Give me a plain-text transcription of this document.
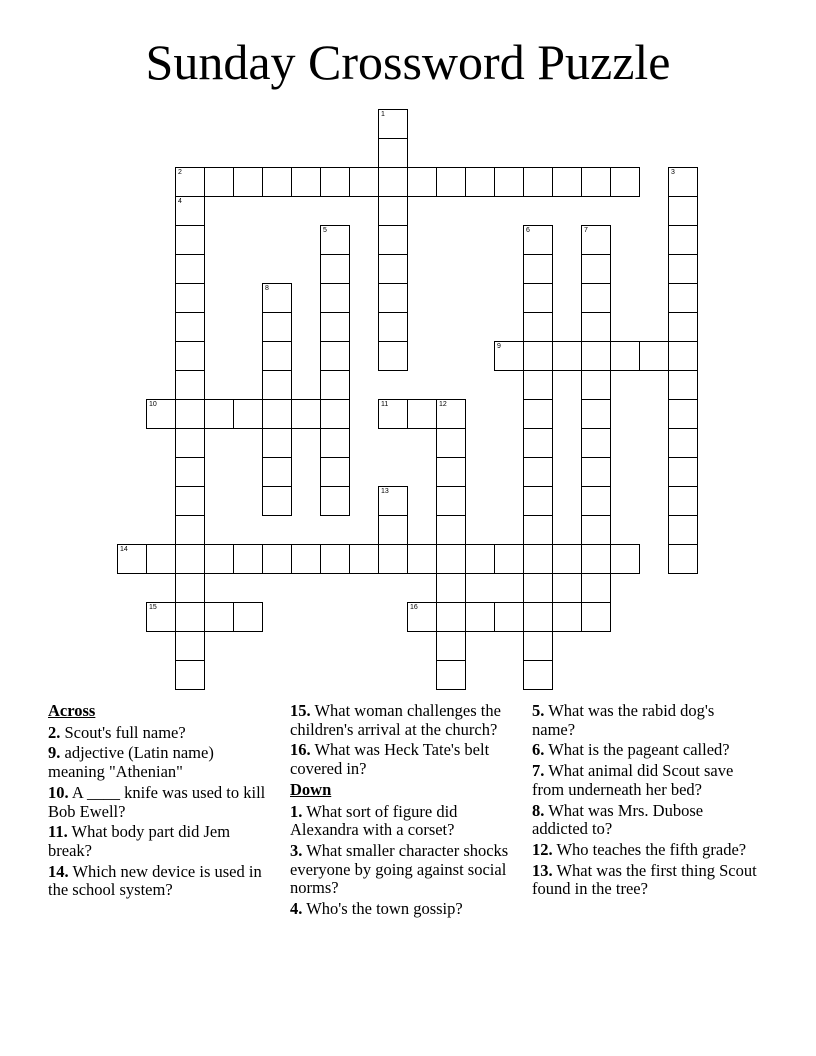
Sunday Crossword Puzzle
2
9
10	11	12
14
15	16
1
3
4
5	6	7
8
13
Across
2. Scout's full name?
9. adjective (Latin name) meaning "Athenian"
10. A ____ knife was used to kill Bob Ewell?
11. What body part did Jem break?
14. Which new device is used in the school system?
15. What woman challenges the children's arrival at the church?
16. What was Heck Tate's belt covered in?
Down
1. What sort of figure did Alexandra with a corset?
3. What smaller character shocks everyone by going against social norms?
4. Who's the town gossip?
5. What was the rabid dog's name?
6. What is the pageant called?
7. What animal did Scout save from underneath her bed?
8. What was Mrs. Dubose addicted to?
12. Who teaches the fifth grade?
13. What was the first thing Scout found in the tree?
